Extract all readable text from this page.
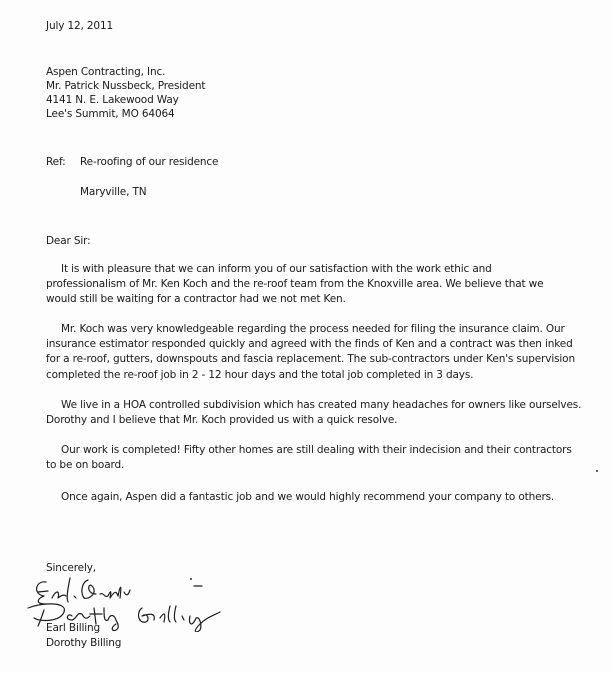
July 12, 2011
Aspen Contracting, Inc.
Mr. Patrick Nussbeck, President
4141 N. E. Lakewood Way
Lee's Summit, MO 64064
Ref: Re-roofing of our residence
Maryville, TN
Dear Sir:
It is with pleasure that we can inform you of our satisfaction with the work ethic and
professionalism of Mr. Ken Koch and the re-roof team from the Knoxville area. We believe that we
would still be waiting for a contractor had we not met Ken.
Mr. Koch was very knowledgeable regarding the process needed for filing the insurance claim. Our
insurance estimator responded quickly and agreed with the finds of Ken and a contract was then inked
for a re-roof, gutters, downspouts and fascia replacement. The sub-contractors under Ken's supervision
completed the re-roof job in 2 - 12 hour days and the total job completed in 3 days.
We live in a HOA controlled subdivision which has created many headaches for owners like ourselves.
Dorothy and I believe that Mr. Koch provided us with a quick resolve.
Our work is completed! Fifty other homes are still dealing with their indecision and their contractors
to be on board.
Once again, Aspen did a fantastic job and we would highly recommend your company to others.
Sincerely,
Earl Billing
Dorothy Billing
